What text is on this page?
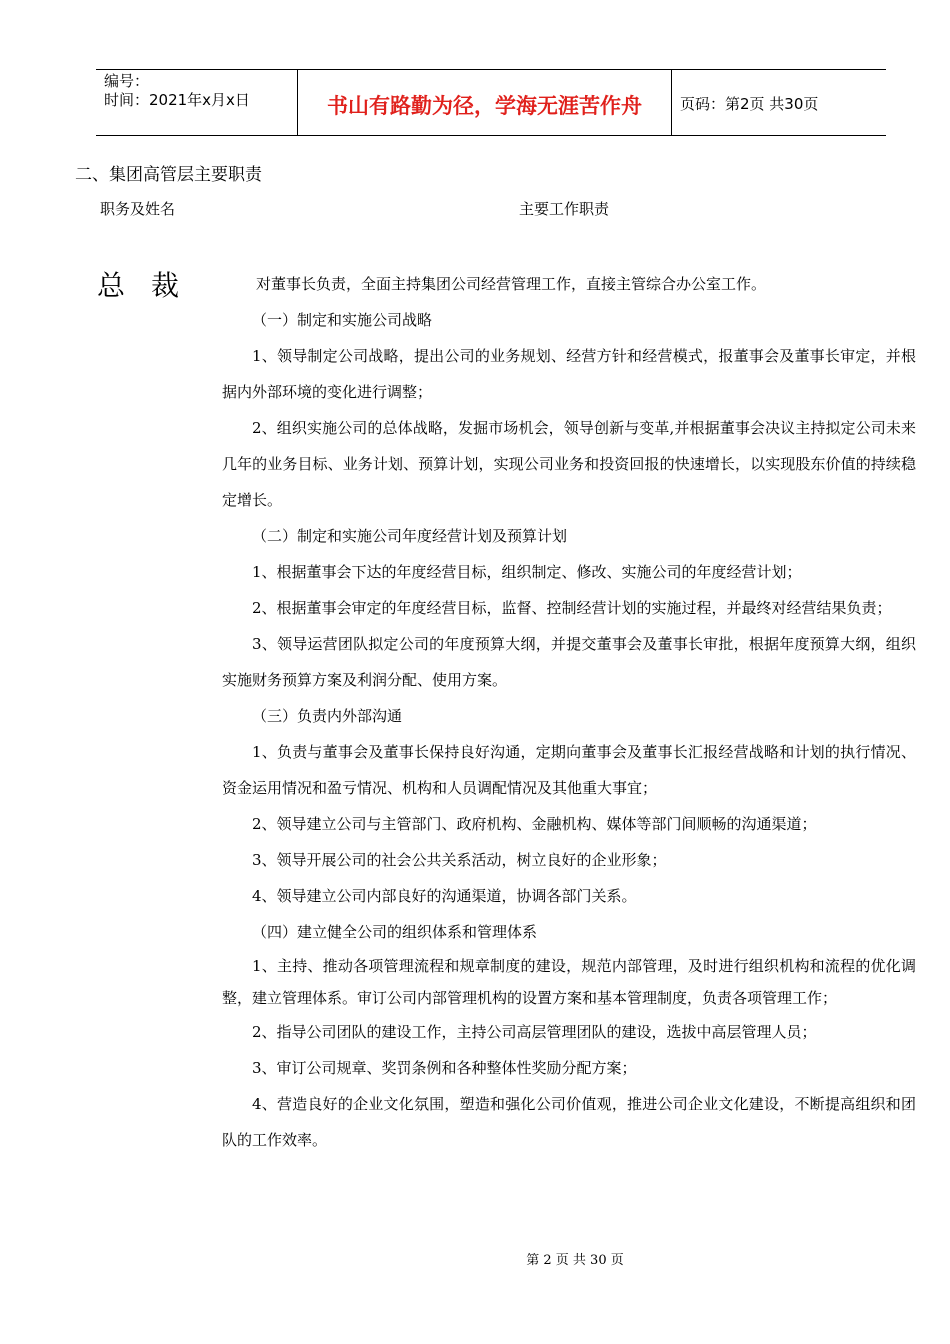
编号：
时间：2021年x月x日	书山有路勤为径，学海无涯苦作舟	页码：第2页 共30页
二、集团高管层主要职责
职务及姓名	主要工作职责
总裁	对董事长负责，全面主持集团公司经营管理工作，直接主管综合办公室工作。

（一）制定和实施公司战略

1、领导制定公司战略，提出公司的业务规划、经营方针和经营模式，报董事会及董事长审定，并根据内外部环境的变化进行调整；

2、组织实施公司的总体战略，发掘市场机会，领导创新与变革,并根据董事会决议主持拟定公司未来几年的业务目标、业务计划、预算计划，实现公司业务和投资回报的快速增长，以实现股东价值的持续稳定增长。

（二）制定和实施公司年度经营计划及预算计划

1、根据董事会下达的年度经营目标，组织制定、修改、实施公司的年度经营计划；

2、根据董事会审定的年度经营目标，监督、控制经营计划的实施过程，并最终对经营结果负责；

3、领导运营团队拟定公司的年度预算大纲，并提交董事会及董事长审批，根据年度预算大纲，组织实施财务预算方案及利润分配、使用方案。

（三）负责内外部沟通

1、负责与董事会及董事长保持良好沟通，定期向董事会及董事长汇报经营战略和计划的执行情况、资金运用情况和盈亏情况、机构和人员调配情况及其他重大事宜；

2、领导建立公司与主管部门、政府机构、金融机构、媒体等部门间顺畅的沟通渠道；

3、领导开展公司的社会公共关系活动，树立良好的企业形象；

4、领导建立公司内部良好的沟通渠道，协调各部门关系。

（四）建立健全公司的组织体系和管理体系

1、主持、推动各项管理流程和规章制度的建设，规范内部管理，及时进行组织机构和流程的优化调整，建立管理体系。审订公司内部管理机构的设置方案和基本管理制度，负责各项管理工作；

2、指导公司团队的建设工作，主持公司高层管理团队的建设，选拔中高层管理人员；

3、审订公司规章、奖罚条例和各种整体性奖励分配方案；

4、营造良好的企业文化氛围，塑造和强化公司价值观，推进公司企业文化建设，不断提高组织和团队的工作效率。

第 2 页 共 30 页
